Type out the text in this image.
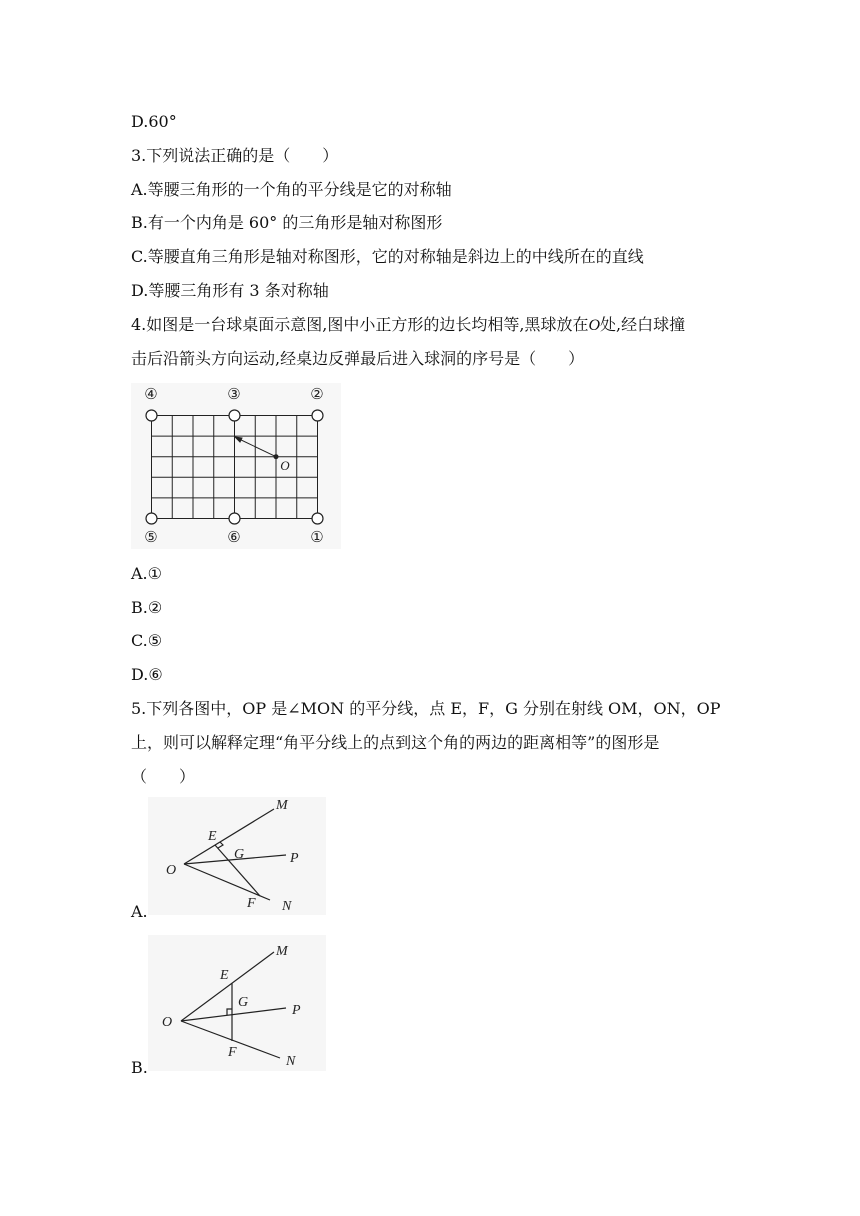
D.60°
3.下列说法正确的是（　　）
A.等腰三角形的一个角的平分线是它的对称轴
B.有一个内角是 60° 的三角形是轴对称图形
C.等腰直角三角形是轴对称图形，它的对称轴是斜边上的中线所在的直线
D.等腰三角形有 3 条对称轴
4.如图是一台球桌面示意图,图中小正方形的边长均相等,黑球放在O处,经白球撞
击后沿箭头方向运动,经桌边反弹最后进入球洞的序号是（　　）
④	③	②
⑤	⑥	①
O
A.①
B.②
C.⑤
D.⑥
5.下列各图中，OP 是∠MON 的平分线，点 E，F，G 分别在射线 OM，ON，OP
上，则可以解释定理“角平分线上的点到这个角的两边的距离相等”的图形是
（　　）
O
E
G
F
M
P
N
A.
O
E
G
F
M
P
N
B.
